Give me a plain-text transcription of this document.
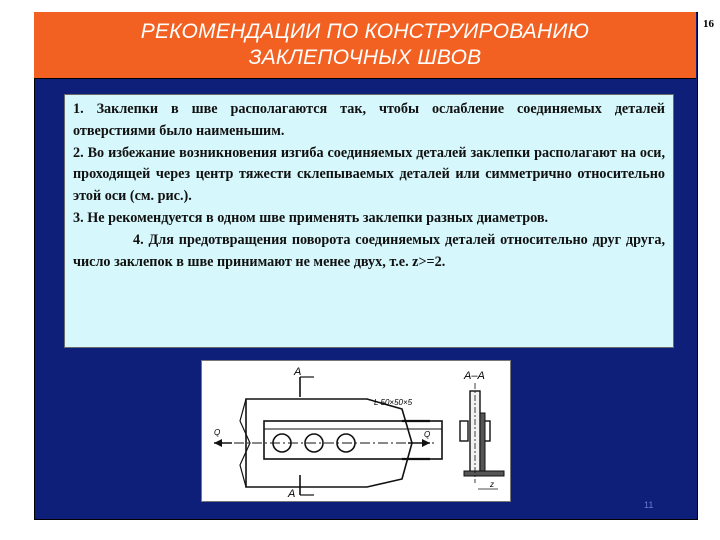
16
РЕКОМЕНДАЦИИ ПО КОНСТРУИРОВАНИЮ
ЗАКЛЕПОЧНЫХ ШВОВ

1. Заклепки в шве располагаются так, чтобы ослабление соединяемых деталей отверстиями было наименьшим.

2. Во избежание возникновения изгиба соединяемых деталей заклепки располагают на оси, проходящей через центр тяжести склепываемых деталей или симметрично относительно этой оси (см. рис.).

3. Не рекомендуется в одном шве применять заклепки разных диаметров.

4. Для предотвращения поворота соединяемых деталей относительно друг друга, число заклепок в шве принимают не менее двух, т.е. z>=2.

Q	Q
A
A
L 50×50×5
A–A
z
11
